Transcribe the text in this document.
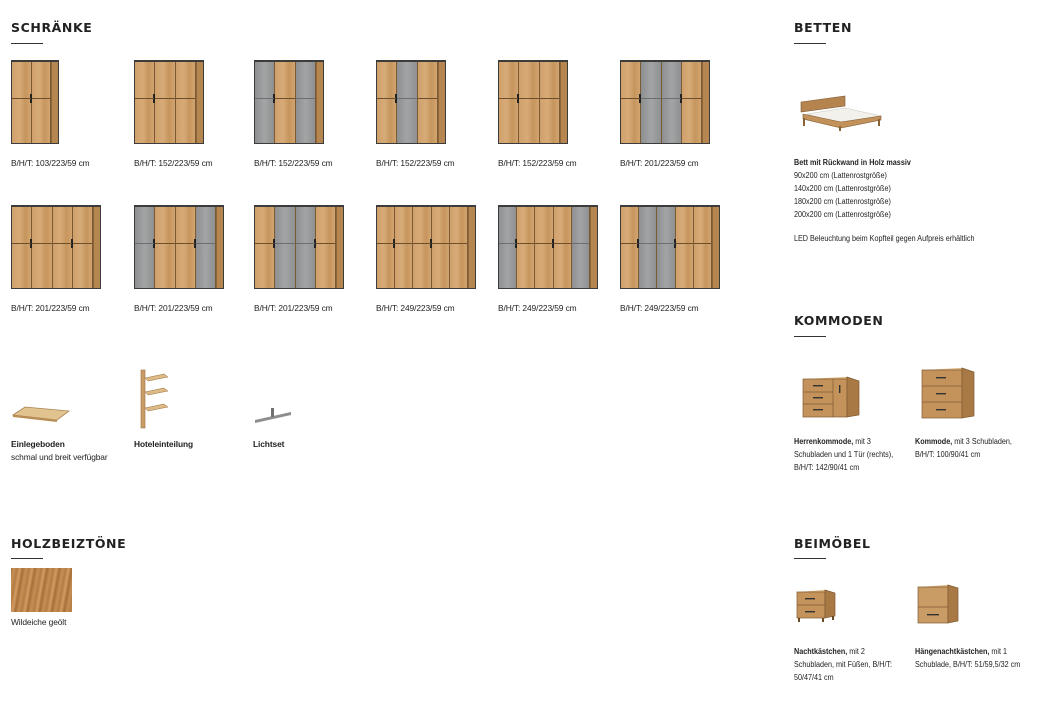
SCHRÄNKE	BETTEN
KOMMODEN
HOLZBEIZTÖNE	BEIMÖBEL
B/H/T: 103/223/59 cm	B/H/T: 152/223/59 cm	B/H/T: 152/223/59 cm	B/H/T: 152/223/59 cm	B/H/T: 152/223/59 cm	B/H/T: 201/223/59 cm
B/H/T: 201/223/59 cm	B/H/T: 201/223/59 cm	B/H/T: 201/223/59 cm	B/H/T: 249/223/59 cm	B/H/T: 249/223/59 cm	B/H/T: 249/223/59 cm
Einlegeboden
schmal und breit verfügbar
Hoteleinteilung	Lichtset
Bett mit Rückwand in Holz massiv
90x200 cm (Lattenrostgröße)
140x200 cm (Lattenrostgröße)
180x200 cm (Lattenrostgröße)
200x200 cm (Lattenrostgröße)
LED Beleuchtung beim Kopfteil gegen Aufpreis erhältlich
Herrenkommode, mit 3 Schubladen und 1 Tür (rechts), B/H/T: 142/90/41 cm
Kommode, mit 3 Schubladen, B/H/T: 100/90/41 cm
Wildeiche geölt
Nachtkästchen, mit 2 Schubladen, mit Füßen, B/H/T: 50/47/41 cm
Hängenachtkästchen, mit 1 Schublade, B/H/T: 51/59,5/32 cm
